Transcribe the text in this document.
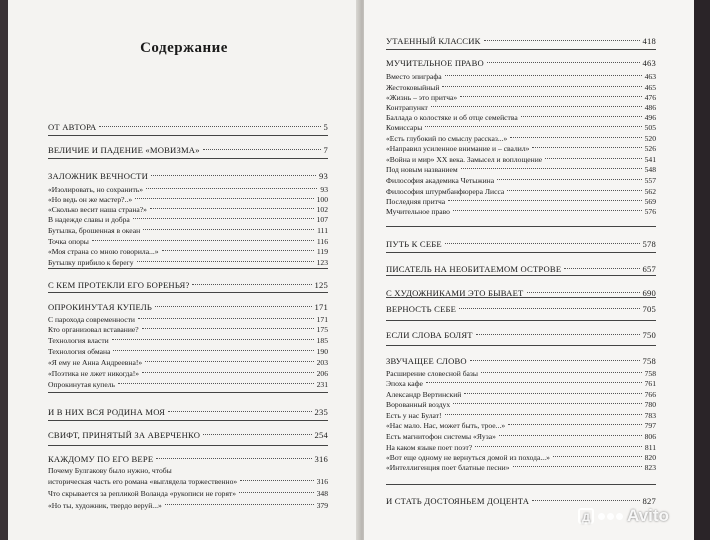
Содержание
ОТ АВТОРА	5
ВЕЛИЧИЕ И ПАДЕНИЕ «МОВИЗМА»	7
ЗАЛОЖНИК ВЕЧНОСТИ	93
«Изолировать, но сохранить»	93
«Но ведь он же мастер?..»	100
«Сколько весит наша страна?»	102
В надежде славы и добра	107
Бутылка, брошенная в океан	111
Точка опоры	116
«Моя страна со мною говорила...»	119
Бутылку прибило к берегу	123
С КЕМ ПРОТЕКЛИ ЕГО БОРЕНЬЯ?	125
ОПРОКИНУТАЯ КУПЕЛЬ	171
С парохода современности	171
Кто организовал вставание?	175
Технология власти	185
Технология обмана	190
«Я ему не Анна Андреевна!»	203
«Поэтика не лжет никогда!»	206
Опрокинутая купель	231
И В НИХ ВСЯ РОДИНА МОЯ	235
СВИФТ, ПРИНЯТЫЙ ЗА АВЕРЧЕНКО	254
КАЖДОМУ ПО ЕГО ВЕРЕ	316
Почему Булгакову было нужно, чтобы
историческая часть его романа «выглядела торжественно»	316
Что скрывается за репликой Воланда «рукописи не горят»	348
«Но ты, художник, твердо веруй...»	379
УТАЕННЫЙ КЛАССИК	418
МУЧИТЕЛЬНОЕ ПРАВО	463
Вместо эпиграфа	463
Жестоковыйный	465
«Жизнь – это притча»	476
Контрапункт	486
Баллада о колостяке и об отце семейства	496
Комиссары	505
«Есть глубокий по смыслу рассказ...»	520
«Направил усиленное внимание и – свалил»	526
«Война и мир» XX века. Замысел и воплощение	541
Под новым названием	548
Философия академика Четыжина	557
Философия штурмбанфюрера Лисса	562
Последняя притча	569
Мучительное право	576
ПУТЬ К СЕБЕ	578
ПИСАТЕЛЬ НА НЕОБИТАЕМОМ ОСТРОВЕ	657
С ХУДОЖНИКАМИ ЭТО БЫВАЕТ	690
ВЕРНОСТЬ СЕБЕ	705
ЕСЛИ СЛОВА БОЛЯТ	750
ЗВУЧАЩЕЕ СЛОВО	758
Расширение словесной базы	758
Эпоха кафе	761
Александр Вертинский	766
Ворованный воздух	780
Есть у нас Булат!	783
«Нас мало. Нас, может быть, трое...»	797
Есть магнитофон системы «Яуза»	806
На каком языке поет поэт?	811
«Вот еще одному не вернуться домой из похода...»	820
«Интеллигенция поет блатные песни»	823
И СТАТЬ ДОСТОЯНЬЕМ ДОЦЕНТА	827
Д Avito
